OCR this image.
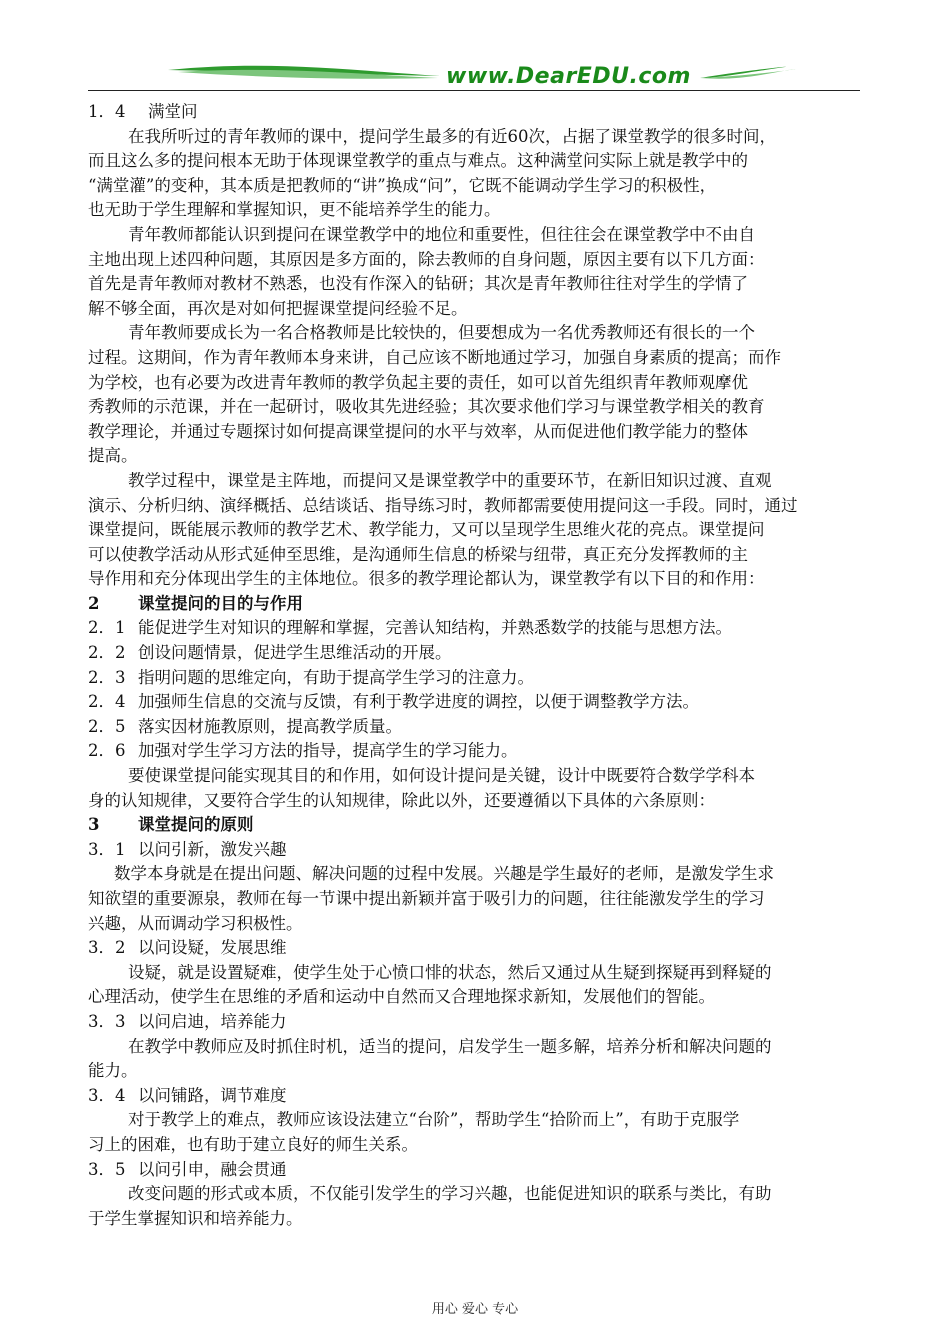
www.DearEDU.com
1．4 满堂问
在我所听过的青年教师的课中，提问学生最多的有近60次，占据了课堂教学的很多时间，
而且这么多的提问根本无助于体现课堂教学的重点与难点。这种满堂问实际上就是教学中的
“满堂灌”的变种，其本质是把教师的“讲”换成“问”，它既不能调动学生学习的积极性，
也无助于学生理解和掌握知识，更不能培养学生的能力。
青年教师都能认识到提问在课堂教学中的地位和重要性，但往往会在课堂教学中不由自
主地出现上述四种问题，其原因是多方面的，除去教师的自身问题，原因主要有以下几方面：
首先是青年教师对教材不熟悉，也没有作深入的钻研；其次是青年教师往往对学生的学情了
解不够全面，再次是对如何把握课堂提问经验不足。
青年教师要成长为一名合格教师是比较快的，但要想成为一名优秀教师还有很长的一个
过程。这期间，作为青年教师本身来讲，自己应该不断地通过学习，加强自身素质的提高；而作
为学校，也有必要为改进青年教师的教学负起主要的责任，如可以首先组织青年教师观摩优
秀教师的示范课，并在一起研讨，吸收其先进经验；其次要求他们学习与课堂教学相关的教育
教学理论，并通过专题探讨如何提高课堂提问的水平与效率，从而促进他们教学能力的整体
提高。
教学过程中，课堂是主阵地，而提问又是课堂教学中的重要环节，在新旧知识过渡、直观
演示、分析归纳、演绎概括、总结谈话、指导练习时，教师都需要使用提问这一手段。同时，通过
课堂提问，既能展示教师的教学艺术、教学能力，又可以呈现学生思维火花的亮点。课堂提问
可以使教学活动从形式延伸至思维，是沟通师生信息的桥梁与纽带，真正充分发挥教师的主
导作用和充分体现出学生的主体地位。很多的教学理论都认为，课堂教学有以下目的和作用：
2 课堂提问的目的与作用
2．1 能促进学生对知识的理解和掌握，完善认知结构，并熟悉数学的技能与思想方法。
2．2 创设问题情景，促进学生思维活动的开展。
2．3 指明问题的思维定向，有助于提高学生学习的注意力。
2．4 加强师生信息的交流与反馈，有利于教学进度的调控，以便于调整教学方法。
2．5 落实因材施教原则，提高教学质量。
2．6 加强对学生学习方法的指导，提高学生的学习能力。
要使课堂提问能实现其目的和作用，如何设计提问是关键，设计中既要符合数学学科本
身的认知规律，又要符合学生的认知规律，除此以外，还要遵循以下具体的六条原则：
3 课堂提问的原则
3．1 以问引新，激发兴趣
数学本身就是在提出问题、解决问题的过程中发展。兴趣是学生最好的老师，是激发学生求
知欲望的重要源泉，教师在每一节课中提出新颖并富于吸引力的问题，往往能激发学生的学习
兴趣，从而调动学习积极性。
3．2 以问设疑，发展思维
设疑，就是设置疑难，使学生处于心愤口悱的状态，然后又通过从生疑到探疑再到释疑的
心理活动，使学生在思维的矛盾和运动中自然而又合理地探求新知，发展他们的智能。
3．3 以问启迪，培养能力
在教学中教师应及时抓住时机，适当的提问，启发学生一题多解，培养分析和解决问题的
能力。
3．4 以问铺路，调节难度
对于教学上的难点，教师应该设法建立“台阶”，帮助学生“拾阶而上”，有助于克服学
习上的困难，也有助于建立良好的师生关系。
3．5 以问引申，融会贯通
改变问题的形式或本质，不仅能引发学生的学习兴趣，也能促进知识的联系与类比，有助
于学生掌握知识和培养能力。
用心 爱心 专心
